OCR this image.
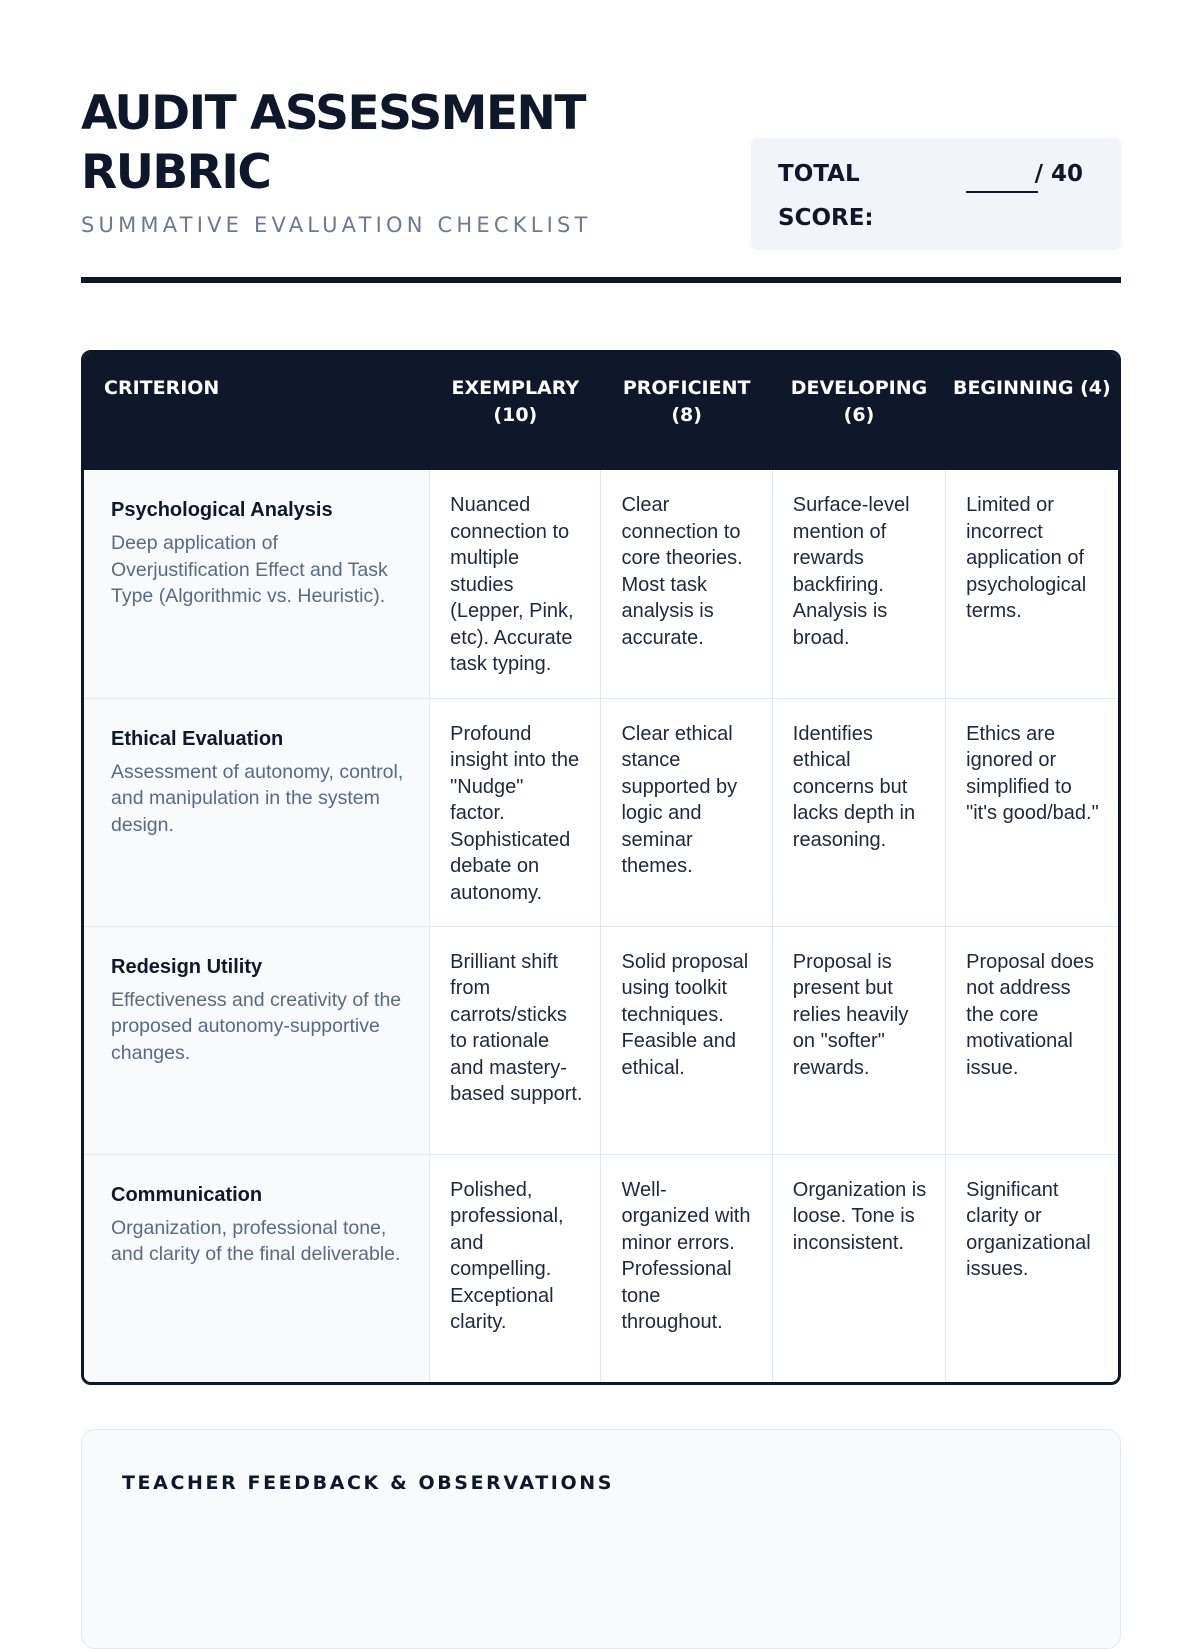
AUDIT ASSESSMENT RUBRIC
SUMMATIVE EVALUATION CHECKLIST
TOTAL SCORE:
/ 40
CRITERION	EXEMPLARY (10)	PROFICIENT (8)	DEVELOPING (6)	BEGINNING (4)

Psychological Analysis
Deep application of Overjustification Effect and Task Type (Algorithmic vs. Heuristic).	Nuanced connection to multiple studies (Lepper, Pink, etc). Accurate task typing.	Clear connection to core theories. Most task analysis is accurate.	Surface-level mention of rewards backfiring. Analysis is broad.	Limited or incorrect application of psychological terms.

Ethical Evaluation
Assessment of autonomy, control, and manipulation in the system design.	Profound insight into the "Nudge" factor. Sophisticated debate on autonomy.	Clear ethical stance supported by logic and seminar themes.	Identifies ethical concerns but lacks depth in reasoning.	Ethics are ignored or simplified to "it's good/bad."

Redesign Utility
Effectiveness and creativity of the proposed autonomy-supportive changes.	Brilliant shift from carrots/sticks to rationale and mastery-based support.	Solid proposal using toolkit techniques. Feasible and ethical.	Proposal is present but relies heavily on "softer" rewards.	Proposal does not address the core motivational issue.

Communication
Organization, professional tone, and clarity of the final deliverable.	Polished, professional, and compelling. Exceptional clarity.	Well-organized with minor errors. Professional tone throughout.	Organization is loose. Tone is inconsistent.	Significant clarity or organizational issues.
TEACHER FEEDBACK & OBSERVATIONS
